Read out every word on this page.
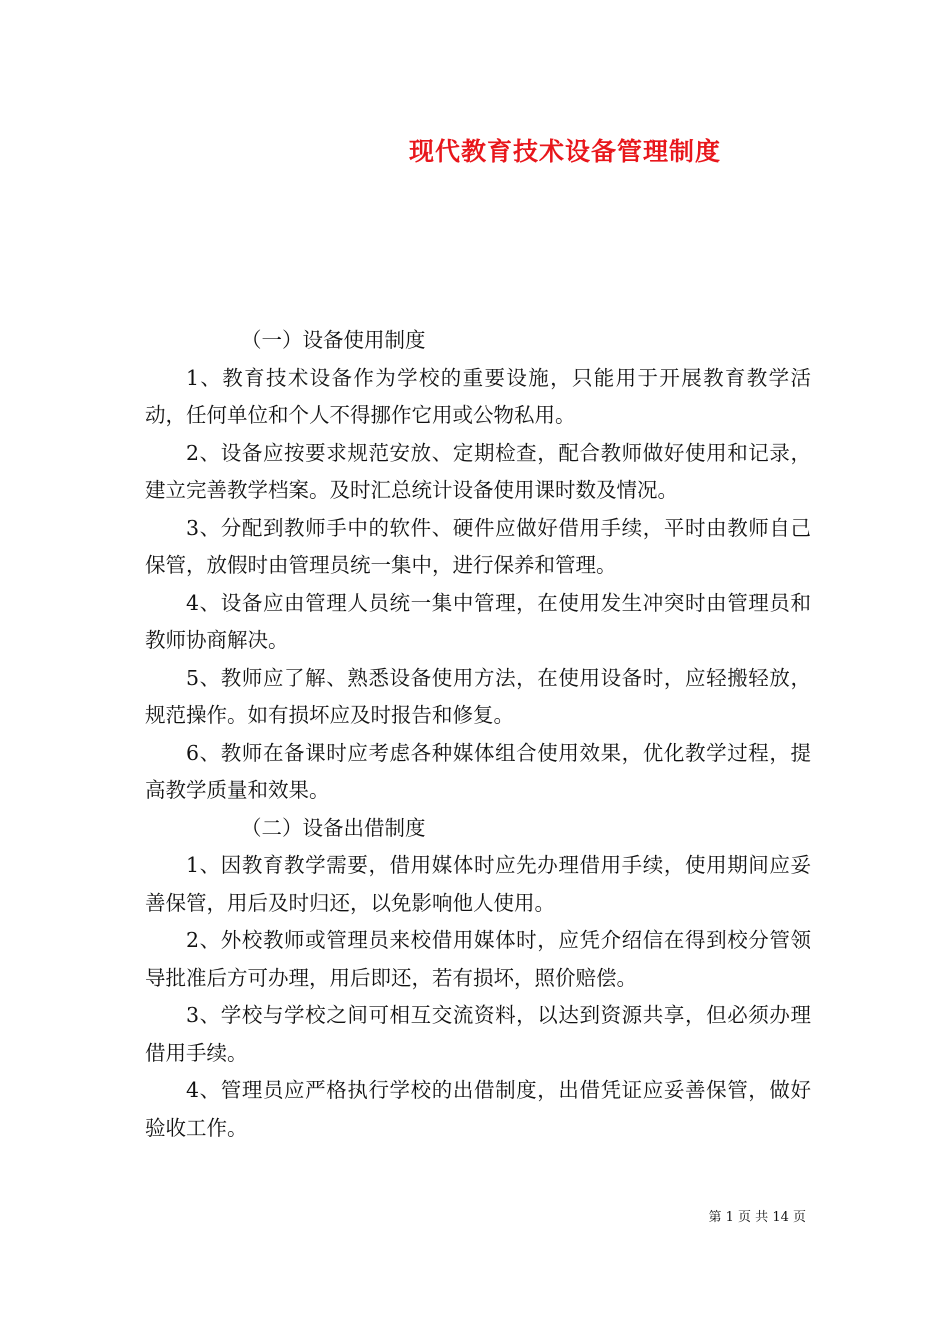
现代教育技术设备管理制度

（一）设备使用制度

1、教育技术设备作为学校的重要设施，只能用于开展教育教学活动，任何单位和个人不得挪作它用或公物私用。

2、设备应按要求规范安放、定期检查，配合教师做好使用和记录，建立完善教学档案。及时汇总统计设备使用课时数及情况。

3、分配到教师手中的软件、硬件应做好借用手续，平时由教师自己保管，放假时由管理员统一集中，进行保养和管理。

4、设备应由管理人员统一集中管理，在使用发生冲突时由管理员和教师协商解决。

5、教师应了解、熟悉设备使用方法，在使用设备时，应轻搬轻放，规范操作。如有损坏应及时报告和修复。

6、教师在备课时应考虑各种媒体组合使用效果，优化教学过程，提高教学质量和效果。

（二）设备出借制度

1、因教育教学需要，借用媒体时应先办理借用手续，使用期间应妥善保管，用后及时归还，以免影响他人使用。

2、外校教师或管理员来校借用媒体时，应凭介绍信在得到校分管领导批准后方可办理，用后即还，若有损坏，照价赔偿。

3、学校与学校之间可相互交流资料，以达到资源共享，但必须办理借用手续。

4、管理员应严格执行学校的出借制度，出借凭证应妥善保管，做好验收工作。

第 1 页 共 14 页
